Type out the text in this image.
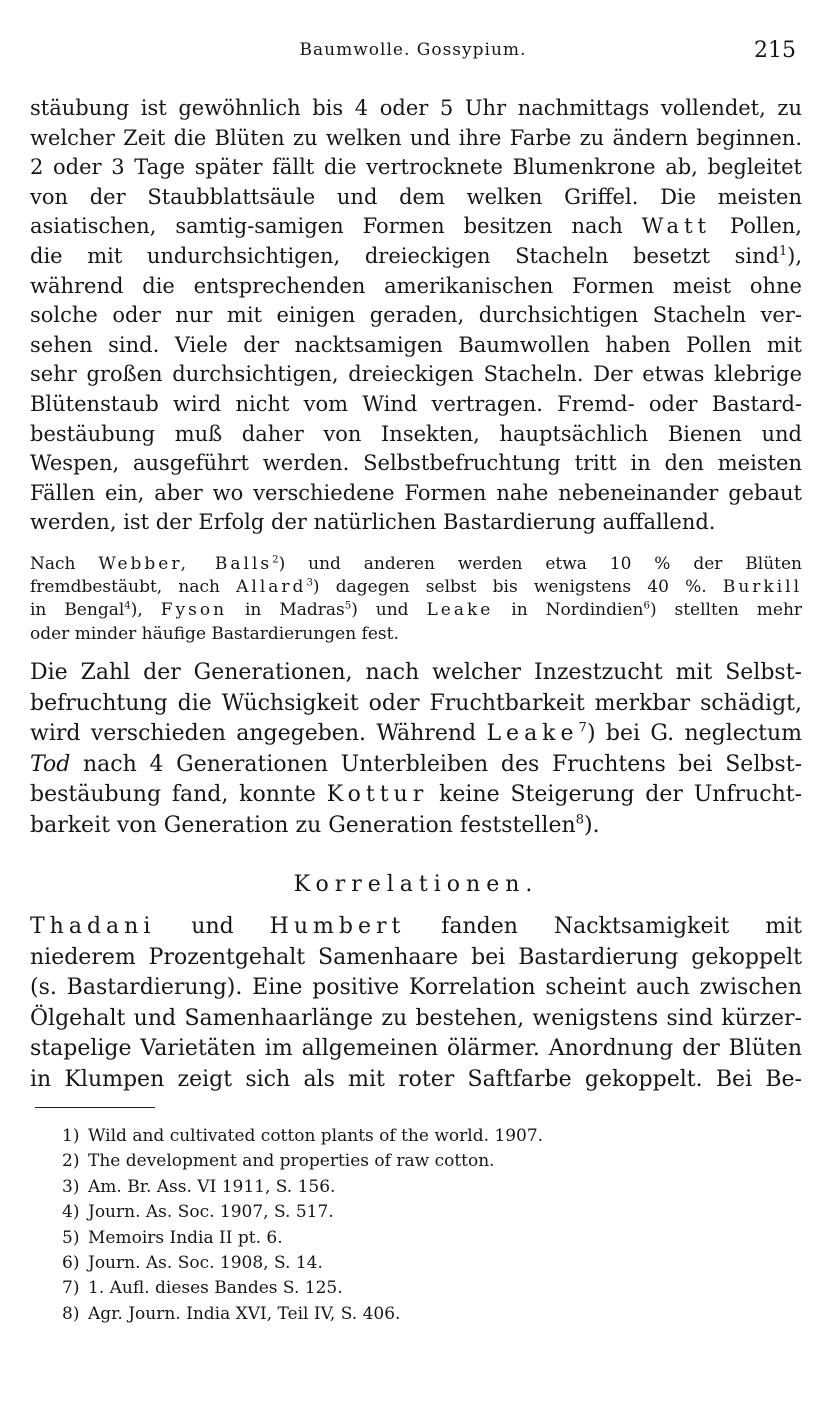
Baumwolle. Gossypium.	215
stäubung ist gewöhnlich bis 4 oder 5 Uhr nachmittags vollendet, zu
welcher Zeit die Blüten zu welken und ihre Farbe zu ändern beginnen.
2 oder 3 Tage später fällt die vertrocknete Blumenkrone ab, begleitet
von der Staubblattsäule und dem welken Griffel. Die meisten
asiatischen, samtig-samigen Formen besitzen nach Watt Pollen,
die mit undurchsichtigen, dreieckigen Stacheln besetzt sind$^1$),
während die entsprechenden amerikanischen Formen meist ohne
solche oder nur mit einigen geraden, durchsichtigen Stacheln ver-
sehen sind. Viele der nacktsamigen Baumwollen haben Pollen mit
sehr großen durchsichtigen, dreieckigen Stacheln. Der etwas klebrige
Blütenstaub wird nicht vom Wind vertragen. Fremd- oder Bastard-
bestäubung muß daher von Insekten, hauptsächlich Bienen und
Wespen, ausgeführt werden. Selbstbefruchtung tritt in den meisten
Fällen ein, aber wo verschiedene Formen nahe nebeneinander gebaut
werden, ist der Erfolg der natürlichen Bastardierung auffallend.
Nach Webber, Balls$^2$) und anderen werden etwa 10 % der Blüten
fremdbestäubt, nach Allard$^3$) dagegen selbst bis wenigstens 40 %. Burkill
in Bengal$^4$), Fyson in Madras$^5$) und Leake in Nordindien$^6$) stellten mehr
oder minder häufige Bastardierungen fest.
Die Zahl der Generationen, nach welcher Inzestzucht mit Selbst-
befruchtung die Wüchsigkeit oder Fruchtbarkeit merkbar schädigt,
wird verschieden angegeben. Während Leake$^7$) bei G. neglectum
Tod nach 4 Generationen Unterbleiben des Fruchtens bei Selbst-
bestäubung fand, konnte Kottur keine Steigerung der Unfrucht-
barkeit von Generation zu Generation feststellen$^8$).
Korrelationen.
Thadani und Humbert fanden Nacktsamigkeit mit
niederem Prozentgehalt Samenhaare bei Bastardierung gekoppelt
(s. Bastardierung). Eine positive Korrelation scheint auch zwischen
Ölgehalt und Samenhaarlänge zu bestehen, wenigstens sind kürzer-
stapelige Varietäten im allgemeinen ölärmer. Anordnung der Blüten
in Klumpen zeigt sich als mit roter Saftfarbe gekoppelt. Bei Be-
1) Wild and cultivated cotton plants of the world. 1907.
2) The development and properties of raw cotton.
3) Am. Br. Ass. VI 1911, S. 156.
4) Journ. As. Soc. 1907, S. 517.
5) Memoirs India II pt. 6.
6) Journ. As. Soc. 1908, S. 14.
7) 1. Aufl. dieses Bandes S. 125.
8) Agr. Journ. India XVI, Teil IV, S. 406.
